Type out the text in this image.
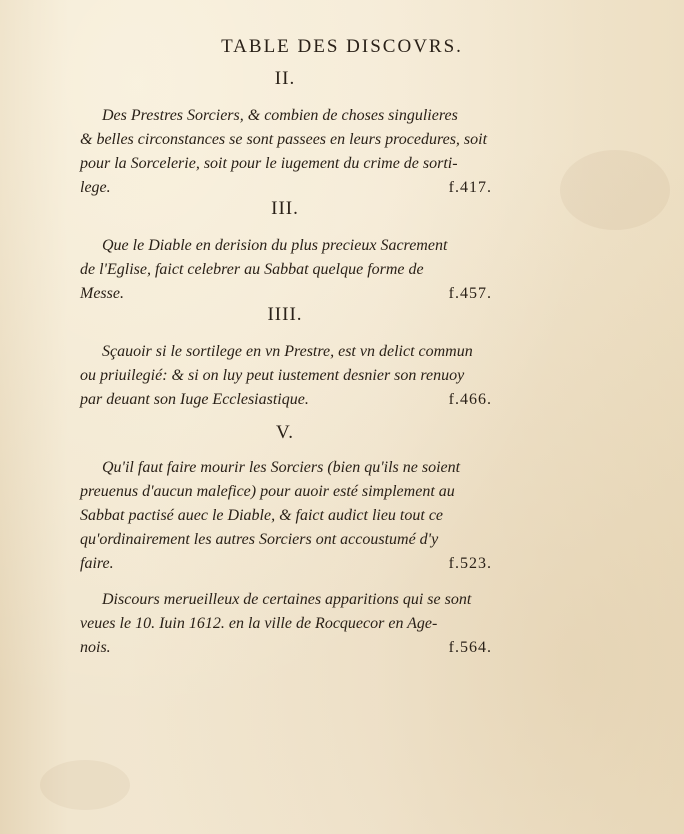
TABLE DES DISCOVRS.
II.
Des Prestres Sorciers, & combien de choses singulieres
& belles circonstances se sont passees en leurs procedures, soit
pour la Sorcelerie, soit pour le iugement du crime de sorti-
lege.	f.417.
III.
Que le Diable en derision du plus precieux Sacrement
de l'Eglise, faict celebrer au Sabbat quelque forme de
Messe.	f.457.
IIII.
Sçauoir si le sortilege en vn Prestre, est vn delict commun
ou priuilegié: & si on luy peut iustement desnier son renuoy
par deuant son Iuge Ecclesiastique.	f.466.
V.
Qu'il faut faire mourir les Sorciers (bien qu'ils ne soient
preuenus d'aucun malefice) pour auoir esté simplement au
Sabbat pactisé auec le Diable, & faict audict lieu tout ce
qu'ordinairement les autres Sorciers ont accoustumé d'y
faire.	f.523.
Discours merueilleux de certaines apparitions qui se sont
veues le 10. Iuin 1612. en la ville de Rocquecor en Age-
nois.	f.564.
